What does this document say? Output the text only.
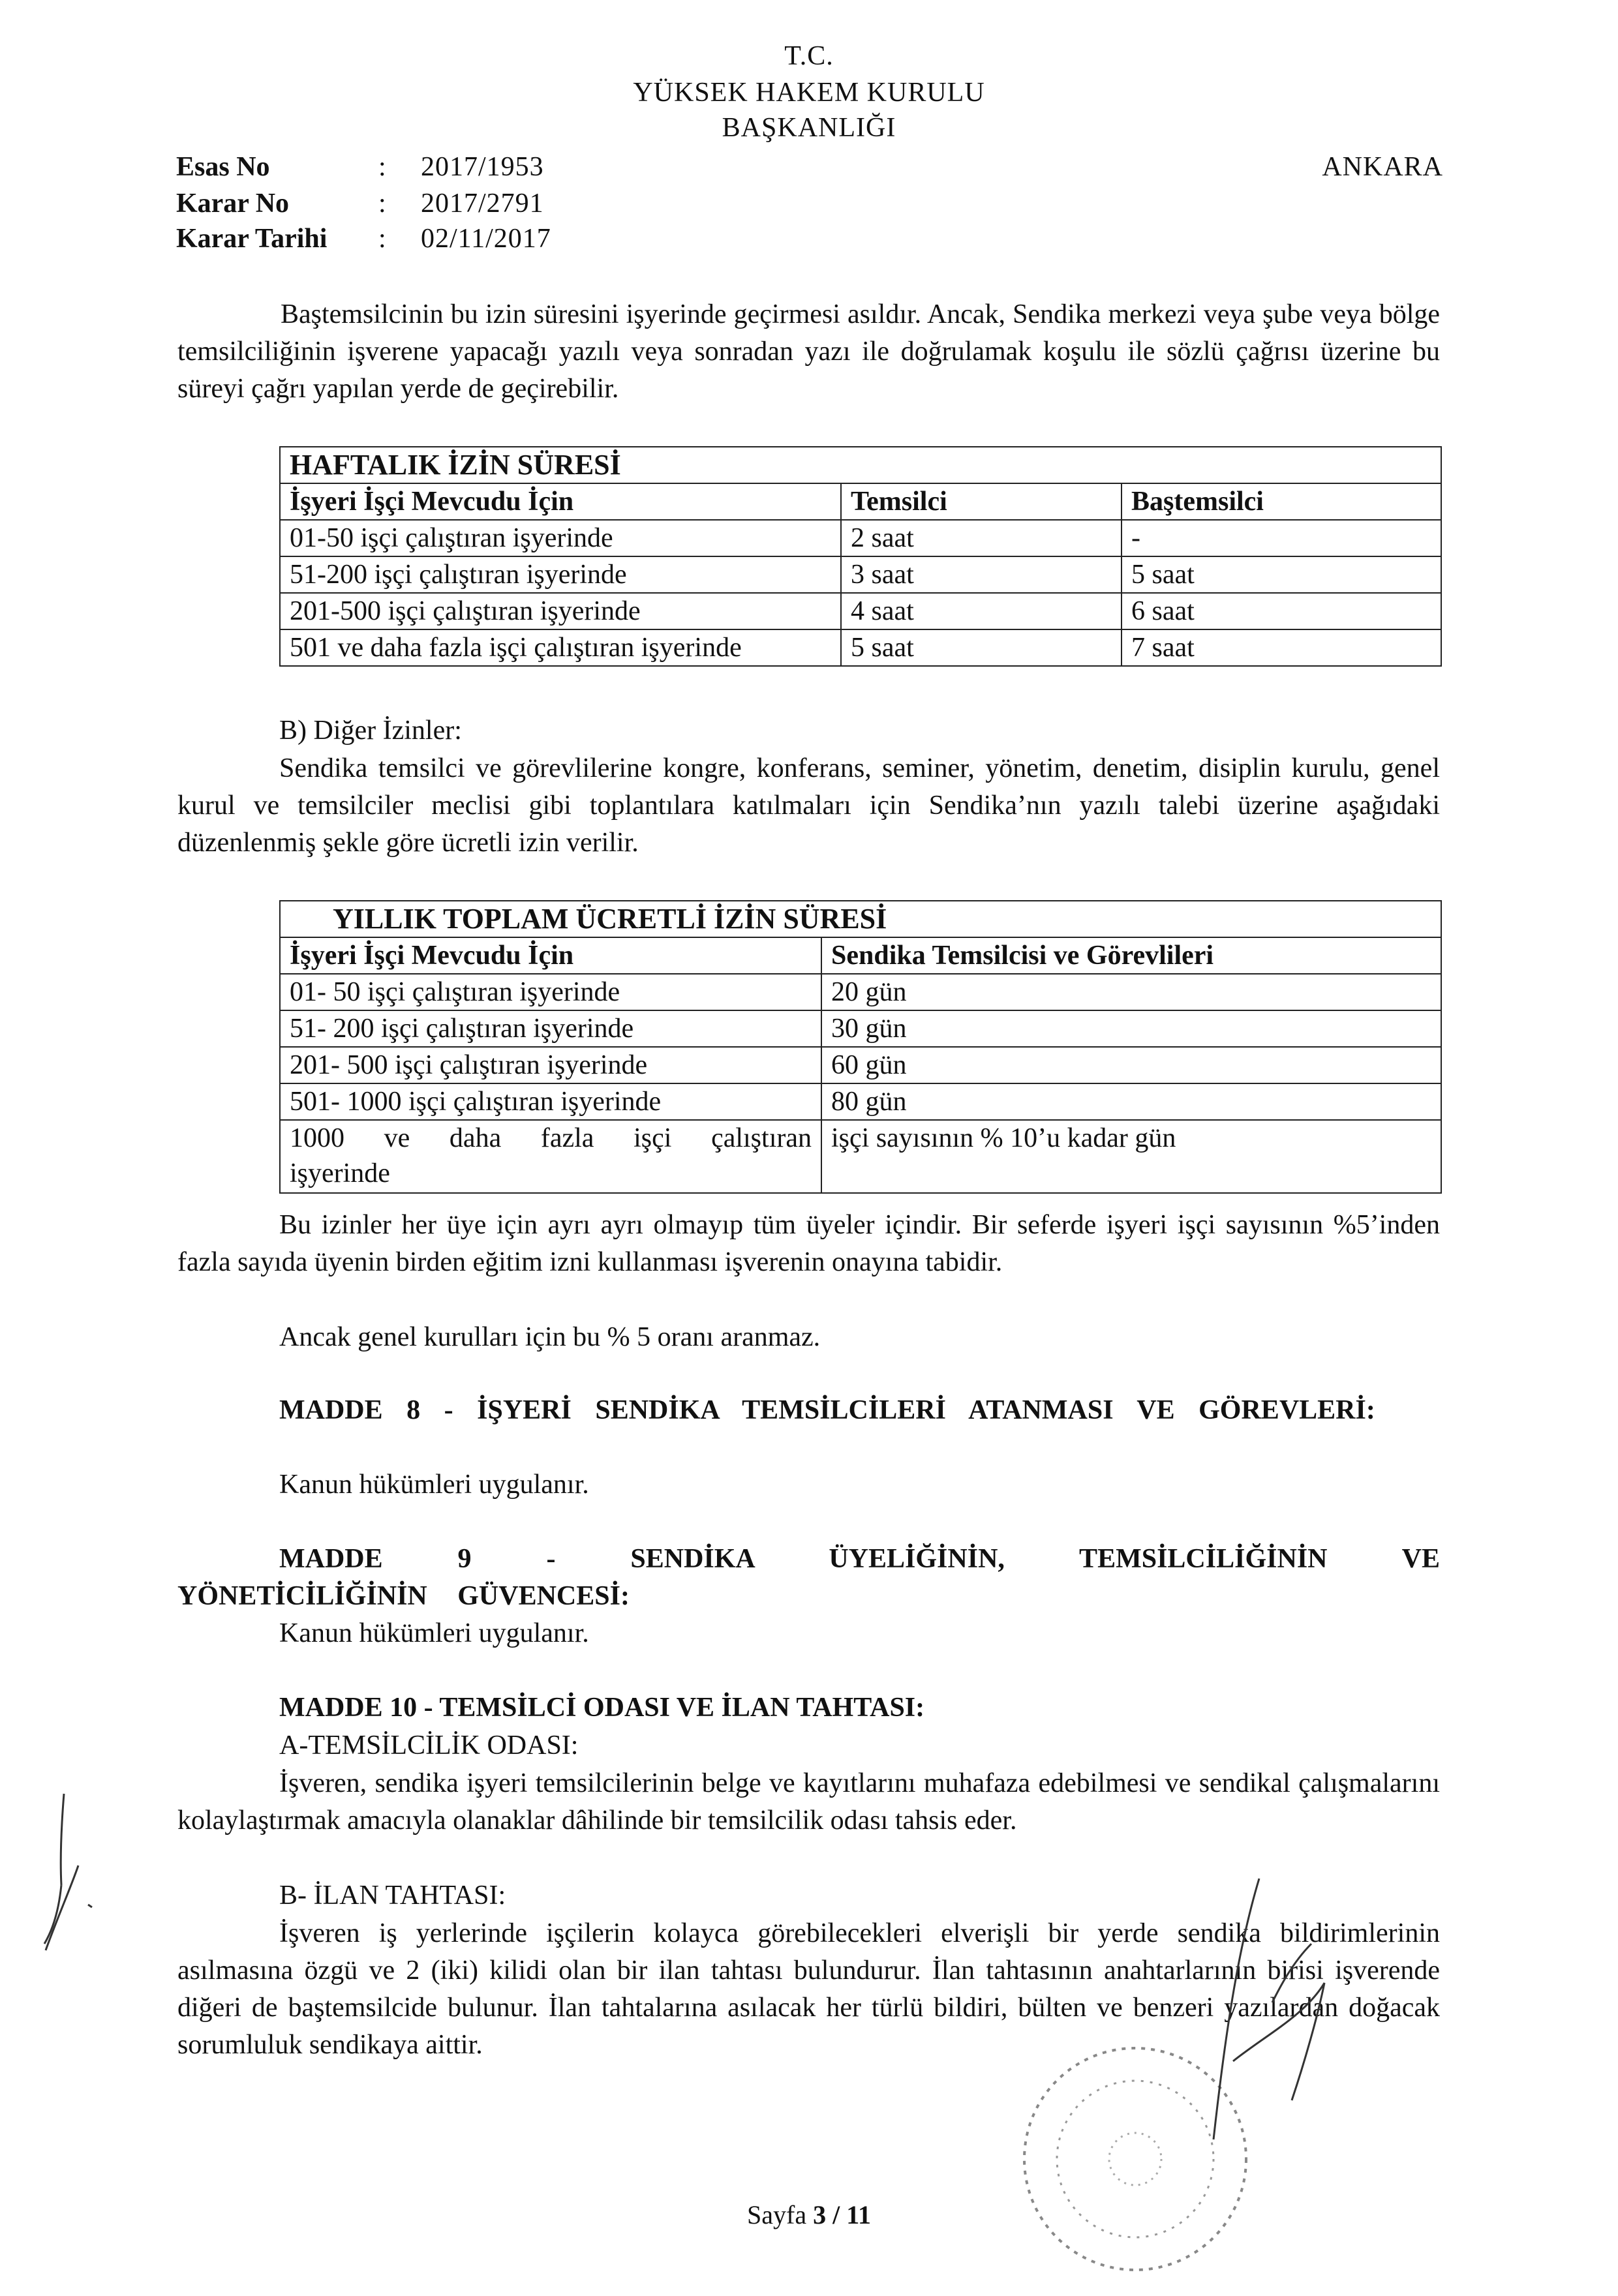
T.C.
YÜKSEK HAKEM KURULU
BAŞKANLIĞI
ANKARA
Esas No	: 2017/1953
Karar No	: 2017/2791
Karar Tarihi : 02/11/2017
Baştemsilcinin bu izin süresini işyerinde geçirmesi asıldır. Ancak, Sendika merkezi veya şube veya bölge temsilciliğinin işverene yapacağı yazılı veya sonradan yazı ile doğrulamak koşulu ile sözlü çağrısı üzerine bu süreyi çağrı yapılan yerde de geçirebilir.
HAFTALIK İZİN SÜRESİ		
İşyeri İşçi Mevcudu İçin	Temsilci	Baştemsilci
01-50 işçi çalıştıran işyerinde	2 saat	-
51-200 işçi çalıştıran işyerinde	3 saat	5 saat
201-500 işçi çalıştıran işyerinde	4 saat	6 saat
501 ve daha fazla işçi çalıştıran işyerinde	5 saat	7 saat
B) Diğer İzinler:
Sendika temsilci ve görevlilerine kongre, konferans, seminer, yönetim, denetim, disiplin kurulu, genel kurul ve temsilciler meclisi gibi toplantılara katılmaları için Sendika’nın yazılı talebi üzerine aşağıdaki düzenlenmiş şekle göre ücretli izin verilir.
YILLIK TOPLAM ÜCRETLİ İZİN SÜRESİ	
İşyeri İşçi Mevcudu İçin	Sendika Temsilcisi ve Görevlileri
01- 50 işçi çalıştıran işyerinde	20 gün
51- 200 işçi çalıştıran işyerinde	30 gün
201- 500 işçi çalıştıran işyerinde	60 gün
501- 1000 işçi çalıştıran işyerinde	80 gün

1000 ve daha fazla işçi çalıştıran
işyerinde	işçi sayısının % 10’u kadar gün
Bu izinler her üye için ayrı ayrı olmayıp tüm üyeler içindir. Bir seferde işyeri işçi sayısının %5’inden fazla sayıda üyenin birden eğitim izni kullanması işverenin onayına tabidir.
Ancak genel kurulları için bu % 5 oranı aranmaz.
MADDE 8 - İŞYERİ SENDİKA TEMSİLCİLERİ ATANMASI VE GÖREVLERİ:
Kanun hükümleri uygulanır.
MADDE 9 - SENDİKA ÜYELİĞİNİN, TEMSİLCİLİĞİNİN VE YÖNETİCİLİĞİNİN GÜVENCESİ:
Kanun hükümleri uygulanır.
MADDE 10 - TEMSİLCİ ODASI VE İLAN TAHTASI:
A-TEMSİLCİLİK ODASI:
İşveren, sendika işyeri temsilcilerinin belge ve kayıtlarını muhafaza edebilmesi ve sendikal çalışmalarını kolaylaştırmak amacıyla olanaklar dâhilinde bir temsilcilik odası tahsis eder.
B- İLAN TAHTASI:
İşveren iş yerlerinde işçilerin kolayca görebilecekleri elverişli bir yerde sendika bildirimlerinin asılmasına özgü ve 2 (iki) kilidi olan bir ilan tahtası bulundurur. İlan tahtasının anahtarlarının birisi işverende diğeri de baştemsilcide bulunur. İlan tahtalarına asılacak her türlü bildiri, bülten ve benzeri yazılardan doğacak sorumluluk sendikaya aittir.
Sayfa 3 / 11
